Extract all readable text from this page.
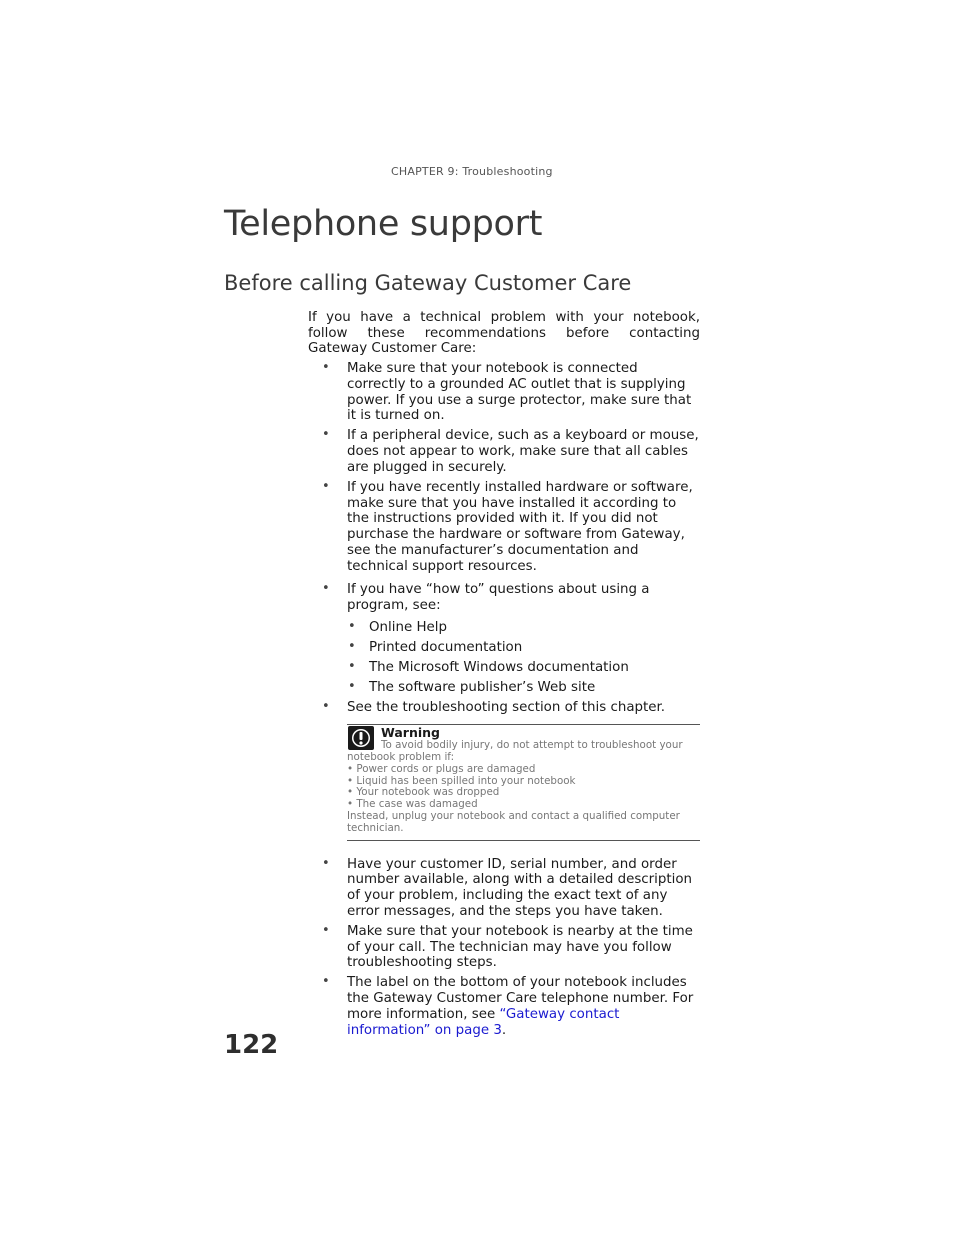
CHAPTER 9: Troubleshooting
Telephone support
Before calling Gateway Customer Care

If you have a technical problem with your notebook, follow these recommendations before contacting Gateway Customer Care:

• Make sure that your notebook is connected correctly to a grounded AC outlet that is supplying power. If you use a surge protector, make sure that it is turned on.
• If a peripheral device, such as a keyboard or mouse, does not appear to work, make sure that all cables are plugged in securely.
• If you have recently installed hardware or software, make sure that you have installed it according to the instructions provided with it. If you did not purchase the hardware or software from Gateway, see the manufacturer’s documentation and technical support resources.
• If you have “how to” questions about using a program, see:
• Online Help
• Printed documentation
• The Microsoft Windows documentation
• The software publisher’s Web site
• See the troubleshooting section of this chapter.
Warning
To avoid bodily injury, do not attempt to troubleshoot your notebook problem if:
• Power cords or plugs are damaged
• Liquid has been spilled into your notebook
• Your notebook was dropped
• The case was damaged
Instead, unplug your notebook and contact a qualified computer technician.
• Have your customer ID, serial number, and order number available, along with a detailed description of your problem, including the exact text of any error messages, and the steps you have taken.
• Make sure that your notebook is nearby at the time of your call. The technician may have you follow troubleshooting steps.
• The label on the bottom of your notebook includes the Gateway Customer Care telephone number. For more information, see “Gateway contact information” on page 3.

122
